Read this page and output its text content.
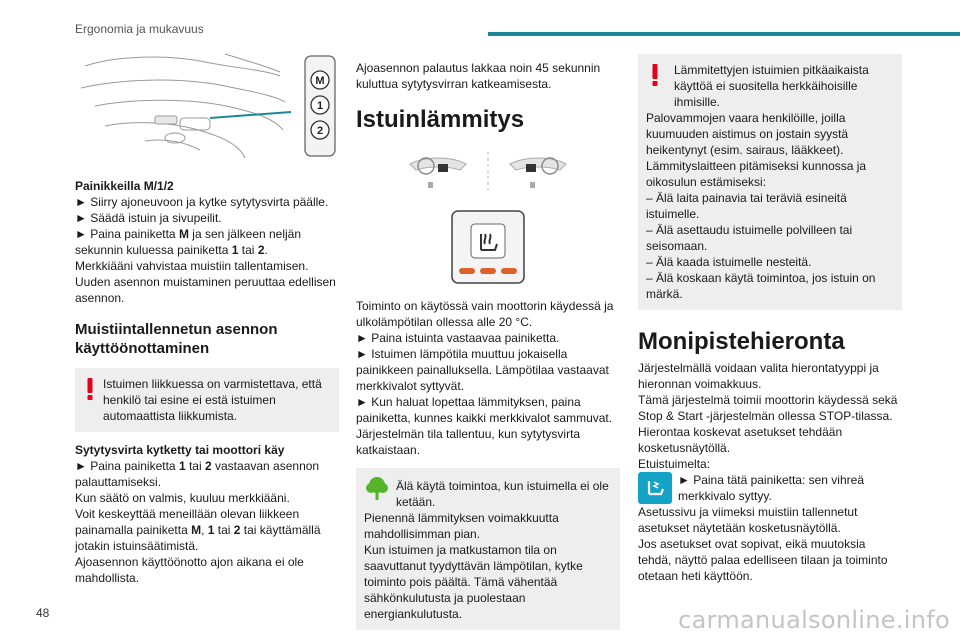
Ergonomia ja mukavuus
M
1
2

Painikkeilla M/1/2

► Siirry ajoneuvoon ja kytke sytytysvirta päälle.

► Säädä istuin ja sivupeilit.

► Paina painiketta M ja sen jälkeen neljän sekunnin kuluessa painiketta 1 tai 2.

Merkkiääni vahvistaa muistiin tallentamisen.

Uuden asennon muistaminen peruuttaa edellisen asennon.

Muistiintallennetun asennon käyttöönottaminen

Istuimen liikkuessa on varmistettava, että henkilö tai esine ei estä istuimen automaattista liikkumista.

Sytytysvirta kytketty tai moottori käy

► Paina painiketta 1 tai 2 vastaavan asennon palauttamiseksi.

Kun säätö on valmis, kuuluu merkkiääni.

Voit keskeyttää meneillään olevan liikkeen painamalla painiketta M, 1 tai 2 tai käyttämällä jotakin istuinsäätimistä.

Ajoasennon käyttöönotto ajon aikana ei ole mahdollista.

Ajoasennon palautus lakkaa noin 45 sekunnin kuluttua sytytysvirran katkeamisesta.

Istuinlämmitys

Toiminto on käytössä vain moottorin käydessä ja ulkolämpötilan ollessa alle 20 °C.

► Paina istuinta vastaavaa painiketta.

► Istuimen lämpötila muuttuu jokaisella painikkeen painalluksella. Lämpötilaa vastaavat merkkivalot syttyvät.

► Kun haluat lopettaa lämmityksen, paina painiketta, kunnes kaikki merkkivalot sammuvat.

Järjestelmän tila tallentuu, kun sytytysvirta katkaistaan.

Älä käytä toimintoa, kun istuimella ei ole ketään.

Pienennä lämmityksen voimakkuutta mahdollisimman pian.

Kun istuimen ja matkustamon tila on saavuttanut tyydyttävän lämpötilan, kytke toiminto pois päältä. Tämä vähentää sähkönkulutusta ja puolestaan energiankulutusta.

Lämmitettyjen istuimien pitkäaikaista käyttöä ei suositella herkkäihoisille ihmisille.

Palovammojen vaara henkilöille, joilla kuumuuden aistimus on jostain syystä heikentynyt (esim. sairaus, lääkkeet).

Lämmityslaitteen pitämiseksi kunnossa ja oikosulun estämiseksi:

– Älä laita painavia tai teräviä esineitä istuimelle.

– Älä asettaudu istuimelle polvilleen tai seisomaan.

– Älä kaada istuimelle nesteitä.

– Älä koskaan käytä toimintoa, jos istuin on märkä.

Monipistehieronta

Järjestelmällä voidaan valita hierontatyyppi ja hieronnan voimakkuus.

Tämä järjestelmä toimii moottorin käydessä sekä Stop & Start -järjestelmän ollessa STOP-tilassa.

Hierontaa koskevat asetukset tehdään kosketusnäytöllä.

Etuistuimelta:

► Paina tätä painiketta: sen vihreä merkkivalo syttyy.

Asetussivu ja viimeksi muistiin tallennetut asetukset näytetään kosketusnäytöllä.

Jos asetukset ovat sopivat, eikä muutoksia tehdä, näyttö palaa edelliseen tilaan ja toiminto otetaan heti käyttöön.

48	carmanualsonline.info
